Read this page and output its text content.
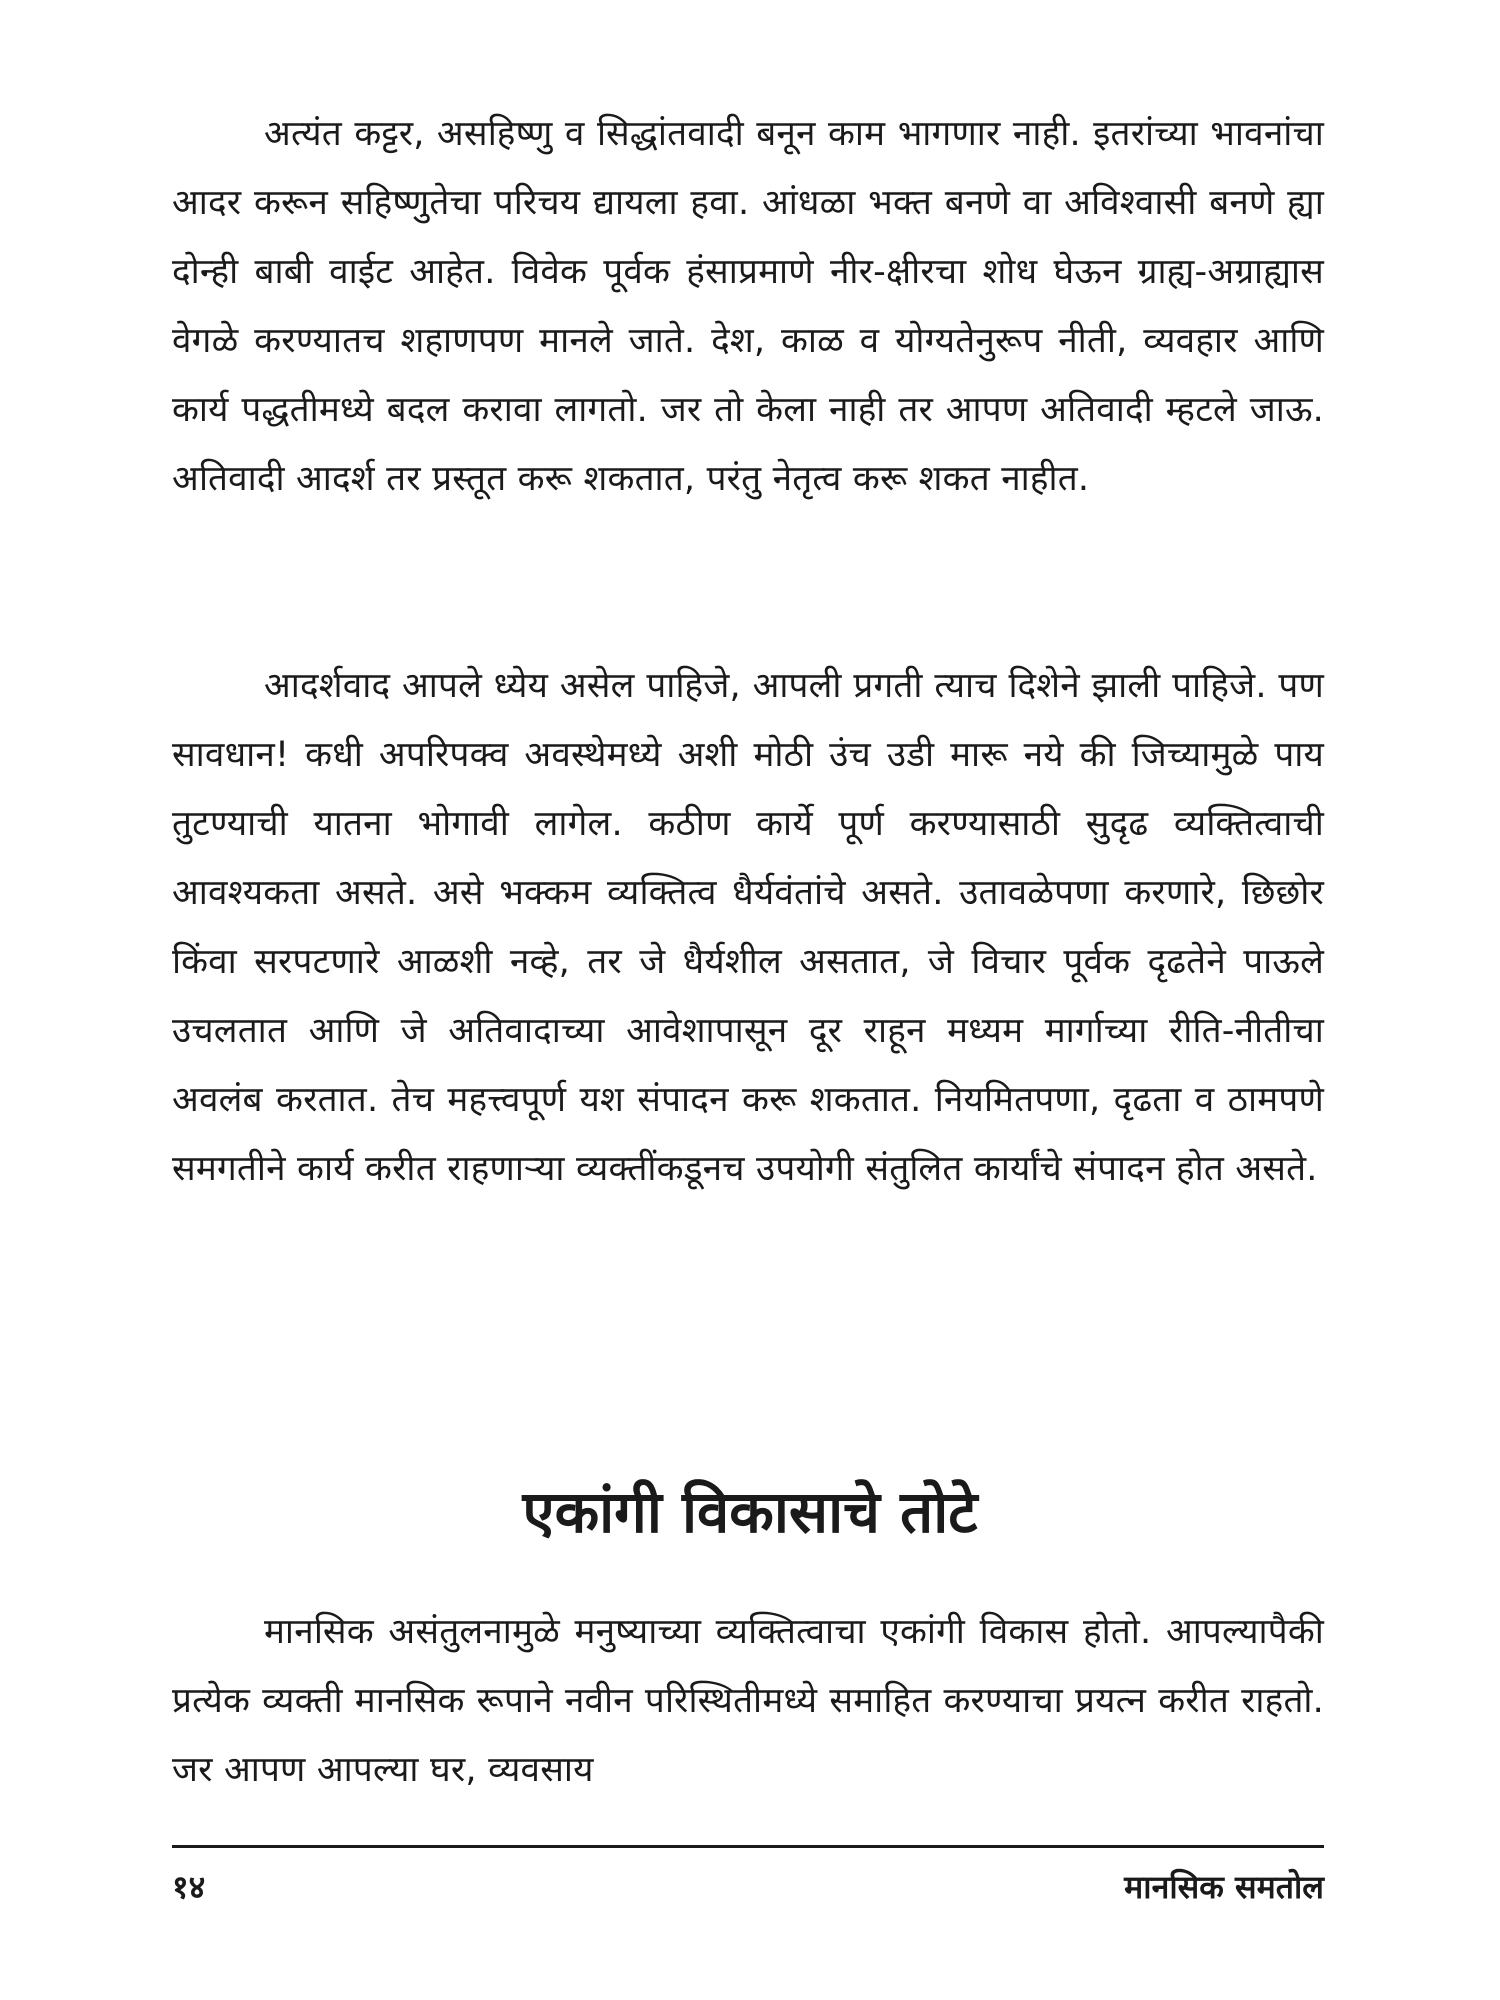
अत्यंत कट्टर, असहिष्णु व सिद्धांतवादी बनून काम भागणार नाही. इतरांच्या भावनांचा आदर करून सहिष्णुतेचा परिचय द्यायला हवा. आंधळा भक्त बनणे वा अविश्वासी बनणे ह्या दोन्ही बाबी वाईट आहेत. विवेक पूर्वक हंसाप्रमाणे नीर-क्षीरचा शोध घेऊन ग्राह्य-अग्राह्यास वेगळे करण्यातच शहाणपण मानले जाते. देश, काळ व योग्यतेनुरूप नीती, व्यवहार आणि कार्य पद्धतीमध्ये बदल करावा लागतो. जर तो केला नाही तर आपण अतिवादी म्हटले जाऊ. अतिवादी आदर्श तर प्रस्तूत करू शकतात, परंतु नेतृत्व करू शकत नाहीत.

आदर्शवाद आपले ध्येय असेल पाहिजे, आपली प्रगती त्याच दिशेने झाली पाहिजे. पण सावधान! कधी अपरिपक्व अवस्थेमध्ये अशी मोठी उंच उडी मारू नये की जिच्यामुळे पाय तुटण्याची यातना भोगावी लागेल. कठीण कार्ये पूर्ण करण्यासाठी सुदृढ व्यक्तित्वाची आवश्यकता असते. असे भक्कम व्यक्तित्व धैर्यवंतांचे असते. उतावळेपणा करणारे, छिछोर किंवा सरपटणारे आळशी नव्हे, तर जे धैर्यशील असतात, जे विचार पूर्वक दृढतेने पाऊले उचलतात आणि जे अतिवादाच्या आवेशापासून दूर राहून मध्यम मार्गाच्या रीति-नीतीचा अवलंब करतात. तेच महत्त्वपूर्ण यश संपादन करू शकतात. नियमितपणा, दृढता व ठामपणे समगतीने कार्य करीत राहणाऱ्या व्यक्तींकडूनच उपयोगी संतुलित कार्यांचे संपादन होत असते.

एकांगी विकासाचे तोटे

मानसिक असंतुलनामुळे मनुष्याच्या व्यक्तित्वाचा एकांगी विकास होतो. आपल्यापैकी प्रत्येक व्यक्ती मानसिक रूपाने नवीन परिस्थितीमध्ये समाहित करण्याचा प्रयत्न करीत राहतो. जर आपण आपल्या घर, व्यवसाय

१४	मानसिक समतोल
